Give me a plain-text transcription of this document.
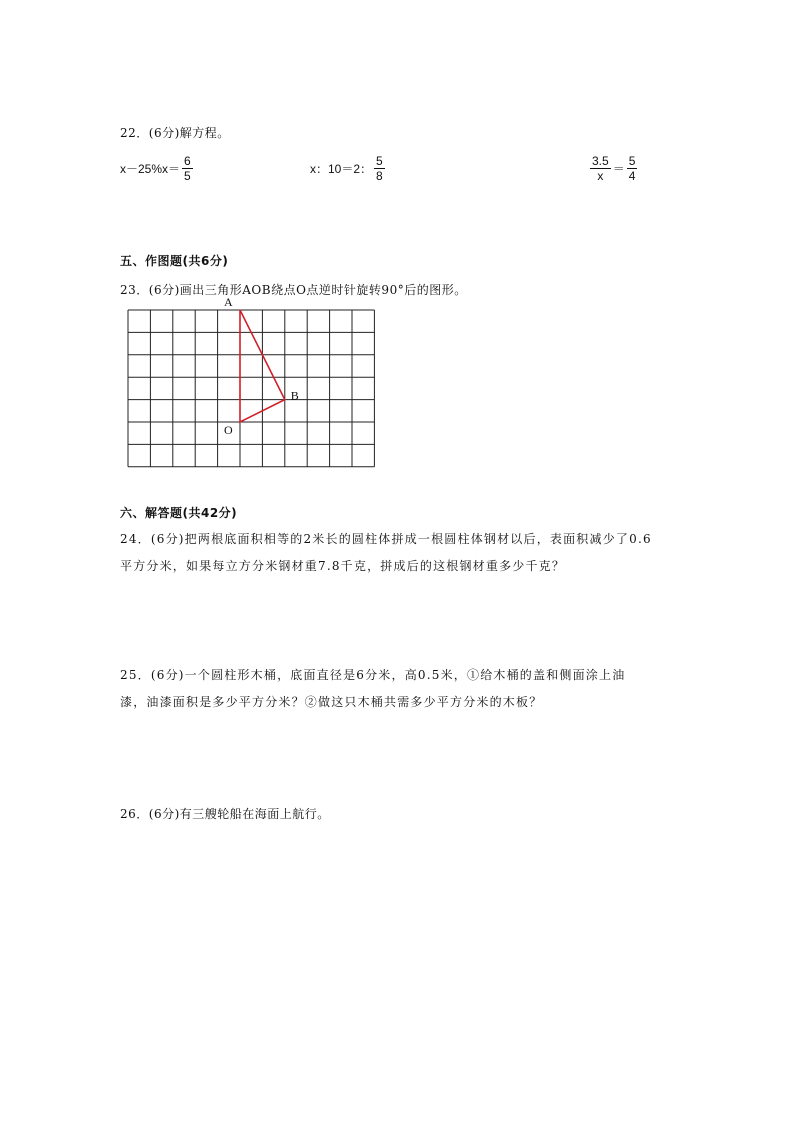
22．(6分)解方程。
$x-25\%x= \frac{6}{5}$	x：10＝2： $\frac{5}{8}$	$\frac{3.5}{x} = \frac{5}{4}$
五、作图题(共6分)
23．(6分)画出三角形AOB绕点O点逆时针旋转90°后的图形。
A
B
O
六、解答题(共42分)
24．(6分)把两根底面积相等的2米长的圆柱体拼成一根圆柱体钢材以后，表面积减少了0.6
平方分米，如果每立方分米钢材重7.8千克，拼成后的这根钢材重多少千克？
25．(6分)一个圆柱形木桶，底面直径是6分米，高0.5米，①给木桶的盖和侧面涂上油
漆，油漆面积是多少平方分米？②做这只木桶共需多少平方分米的木板？
26．(6分)有三艘轮船在海面上航行。
